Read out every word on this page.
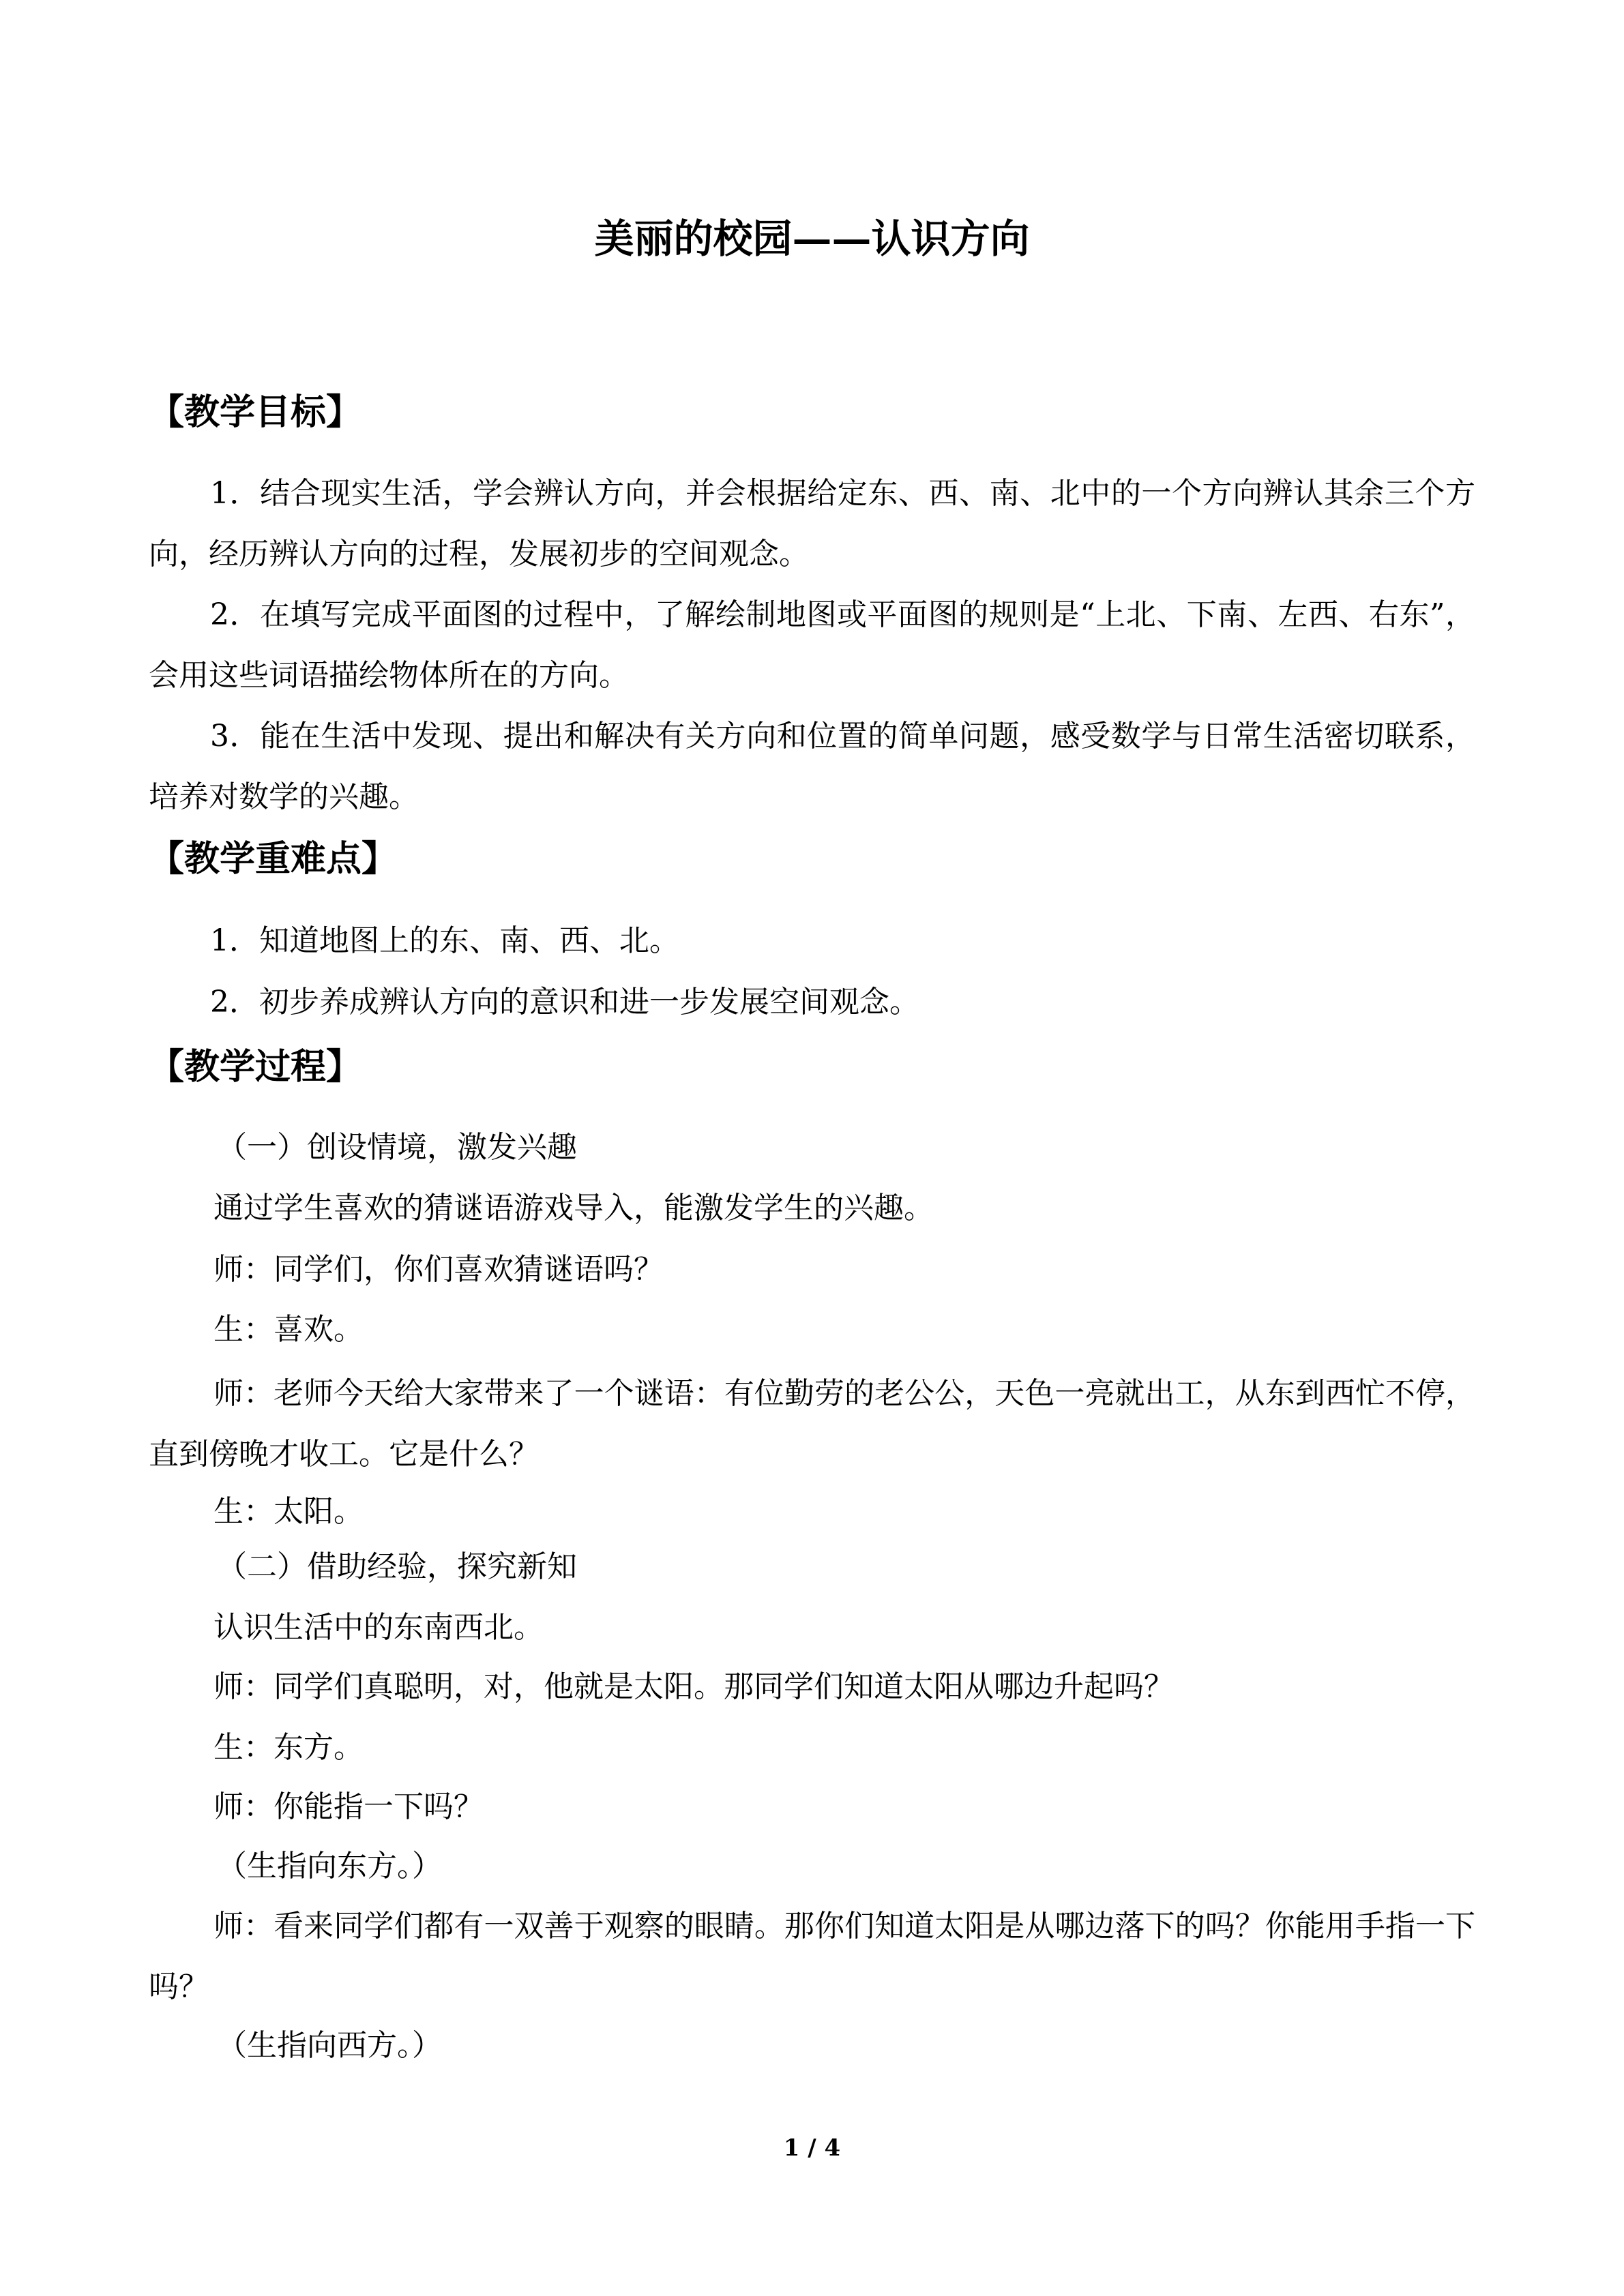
美丽的校园——认识方向
【教学目标】
1．结合现实生活，学会辨认方向，并会根据给定东、西、南、北中的一个方向辨认其余三个方向，经历辨认方向的过程，发展初步的空间观念。
2．在填写完成平面图的过程中，了解绘制地图或平面图的规则是“上北、下南、左西、右东”，会用这些词语描绘物体所在的方向。
3．能在生活中发现、提出和解决有关方向和位置的简单问题，感受数学与日常生活密切联系，培养对数学的兴趣。
【教学重难点】
1．知道地图上的东、南、西、北。
2．初步养成辨认方向的意识和进一步发展空间观念。
【教学过程】
（一）创设情境，激发兴趣
通过学生喜欢的猜谜语游戏导入，能激发学生的兴趣。
师：同学们，你们喜欢猜谜语吗？
生：喜欢。
师：老师今天给大家带来了一个谜语：有位勤劳的老公公，天色一亮就出工，从东到西忙不停，直到傍晚才收工。它是什么？
生：太阳。
（二）借助经验，探究新知
认识生活中的东南西北。
师：同学们真聪明，对，他就是太阳。那同学们知道太阳从哪边升起吗？
生：东方。
师：你能指一下吗？
（生指向东方。）
师：看来同学们都有一双善于观察的眼睛。那你们知道太阳是从哪边落下的吗？你能用手指一下吗？
（生指向西方。）
1 / 4
